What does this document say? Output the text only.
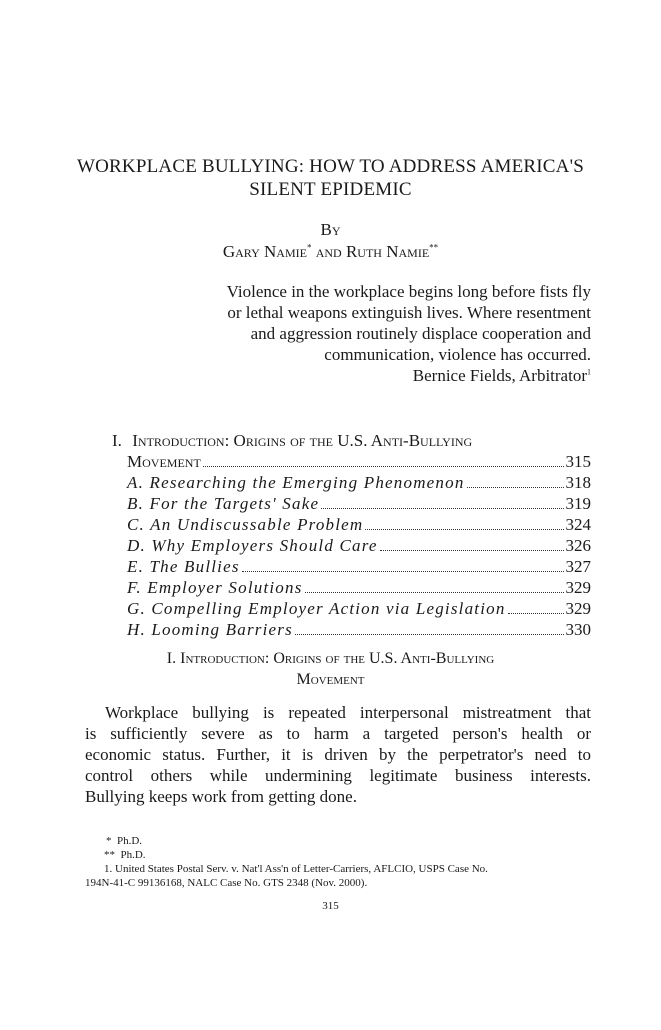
WORKPLACE BULLYING: HOW TO ADDRESS AMERICA'S
SILENT EPIDEMIC
By
Gary Namie* and Ruth Namie**
Violence in the workplace begins long before fists fly
or lethal weapons extinguish lives. Where resentment
and aggression routinely displace cooperation and
communication, violence has occurred.
Bernice Fields, Arbitrator$^1$
I. Introduction: Origins of the U.S. Anti-Bullying
Movement	315
A. Researching the Emerging Phenomenon	318
B. For the Targets' Sake	319
C. An Undiscussable Problem	324
D. Why Employers Should Care	326
E. The Bullies	327
F. Employer Solutions	329
G. Compelling Employer Action via Legislation	329
H. Looming Barriers	330
I. Introduction: Origins of the U.S. Anti-Bullying
Movement
Workplace bullying is repeated interpersonal mistreatment that
is sufficiently severe as to harm a targeted person's health or
economic status. Further, it is driven by the perpetrator's need to
control others while undermining legitimate business interests.
Bullying keeps work from getting done.
* Ph.D.
** Ph.D.
1. United States Postal Serv. v. Nat'l Ass'n of Letter-Carriers, AFLCIO, USPS Case No.
194N-41-C 99136168, NALC Case No. GTS 2348 (Nov. 2000).
315
